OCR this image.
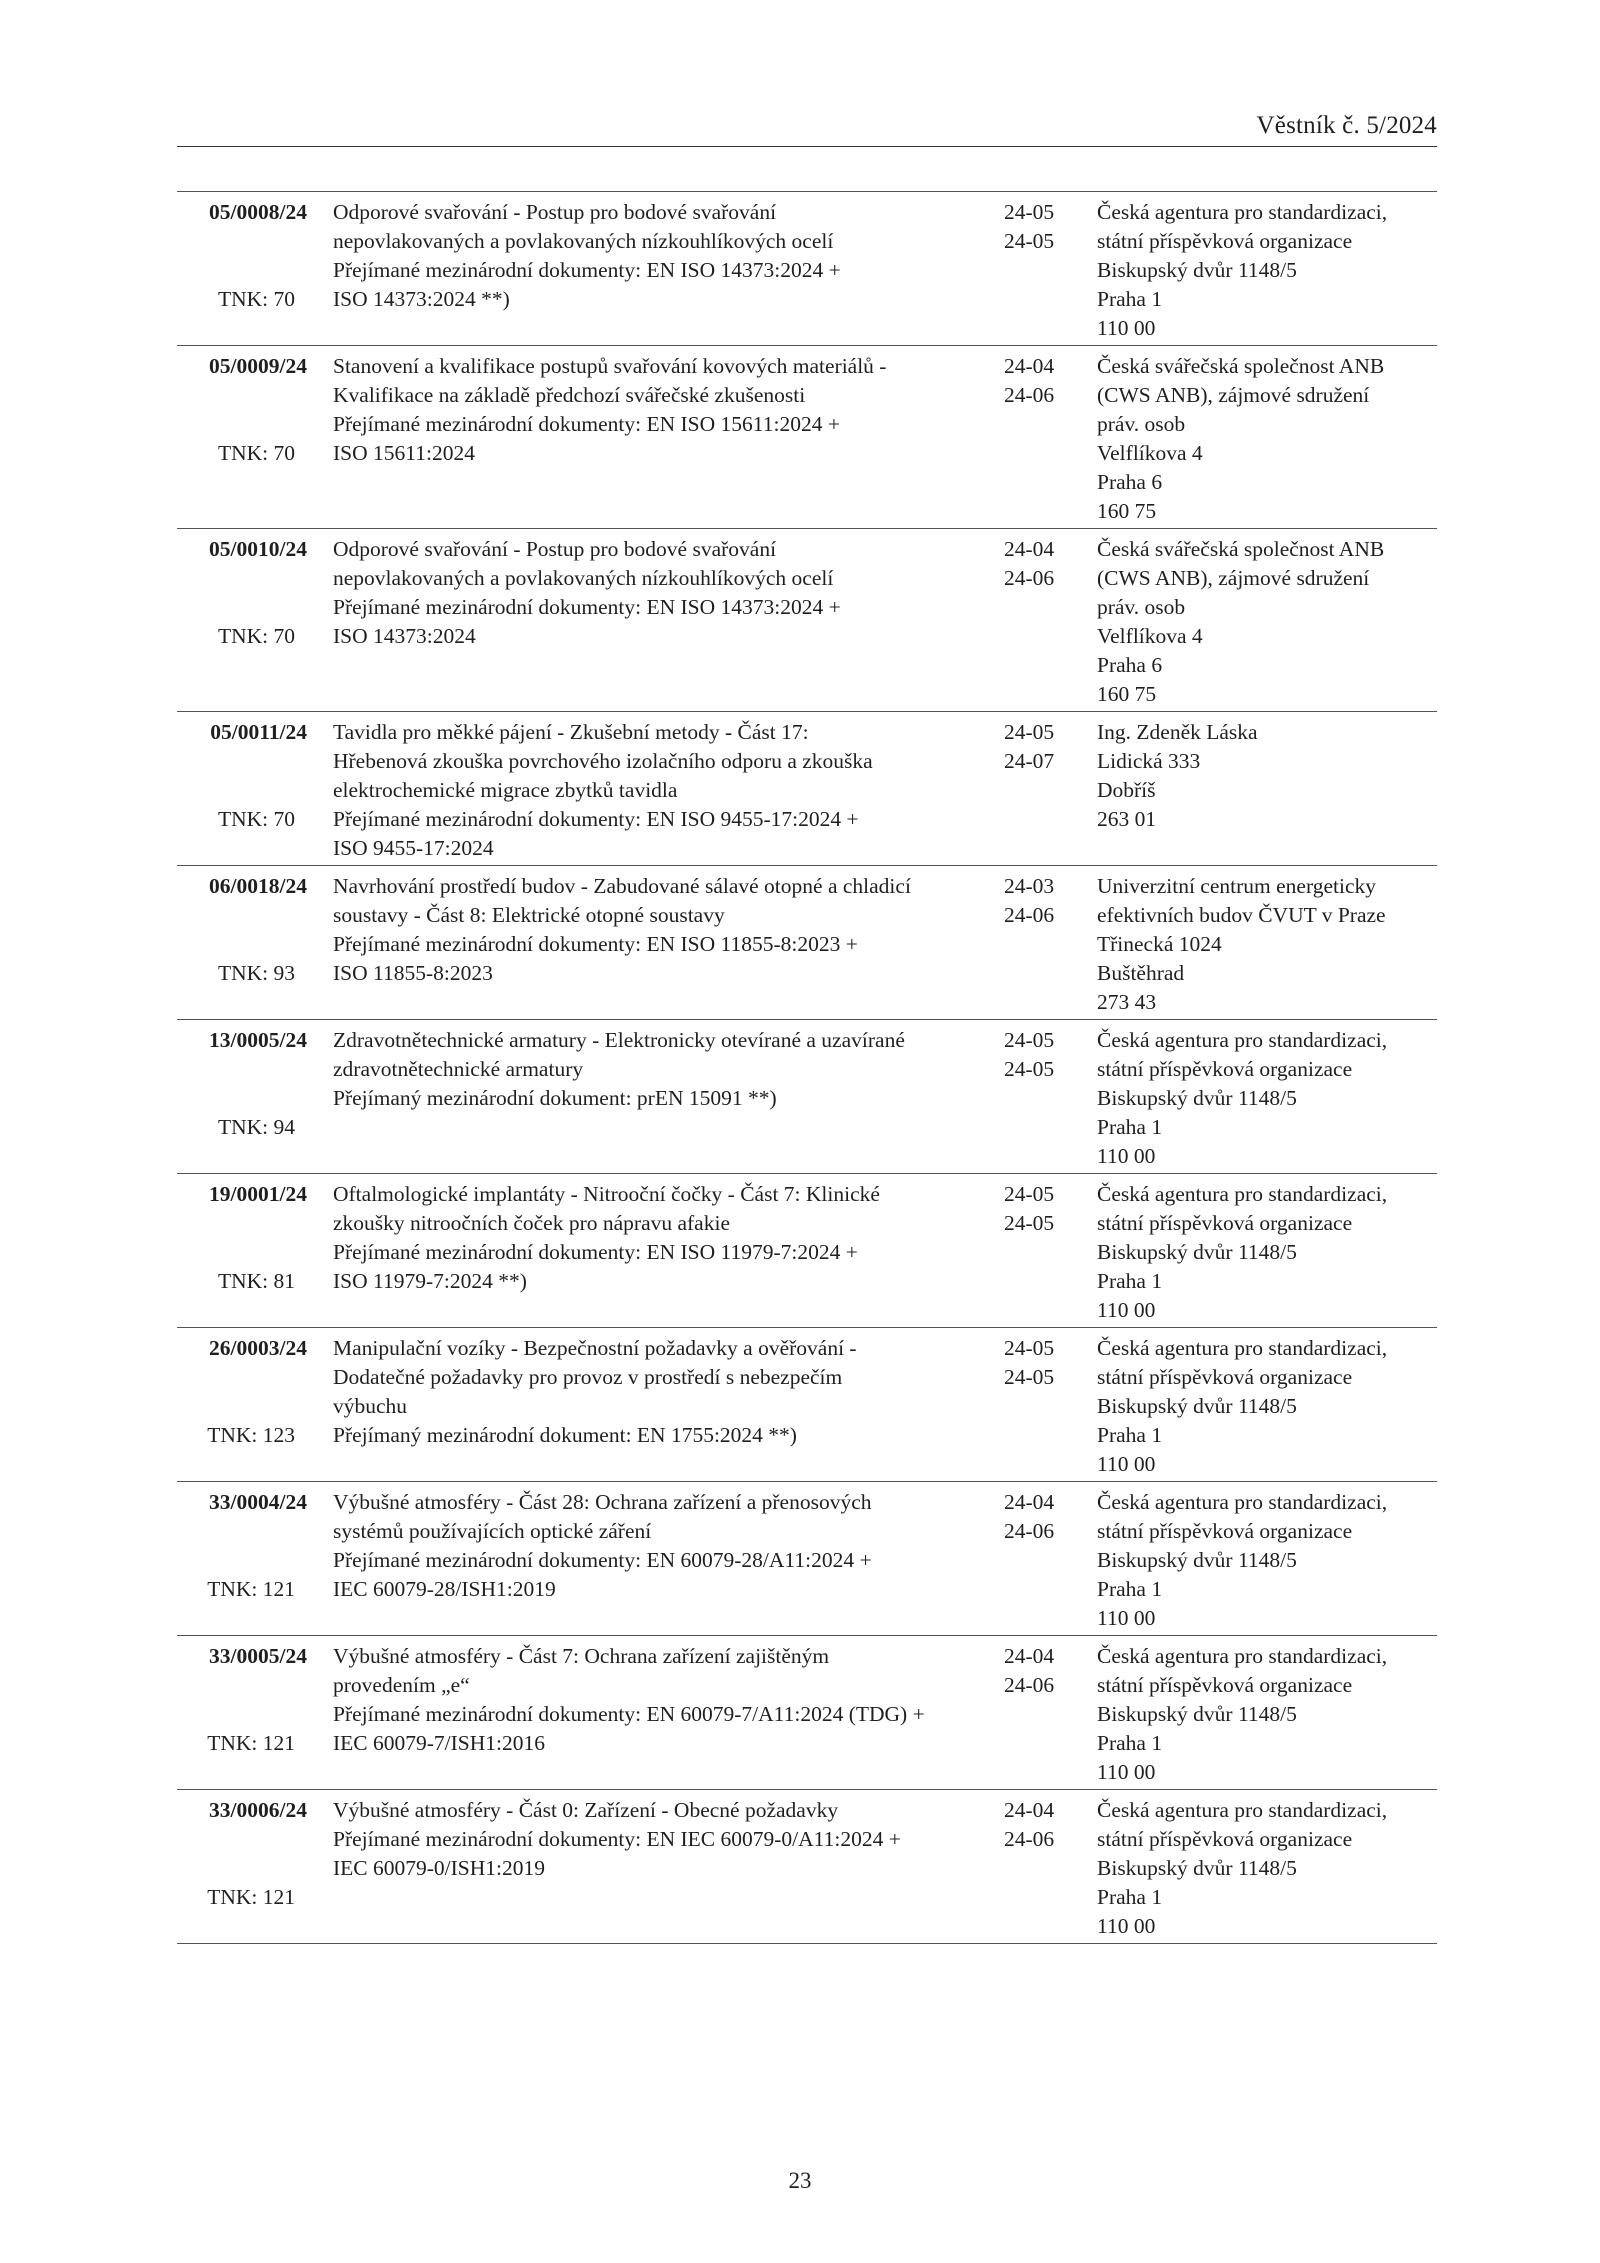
Věstník č. 5/2024
05/0008/24
TNK: 70
Odporové svařování - Postup pro bodové svařování
nepovlakovaných a povlakovaných nízkouhlíkových ocelí
Přejímané mezinárodní dokumenty: EN ISO 14373:2024 +
ISO 14373:2024 **)
24-05
24-05
Česká agentura pro standardizaci,
státní příspěvková organizace
Biskupský dvůr 1148/5
Praha 1
110 00
05/0009/24
TNK: 70
Stanovení a kvalifikace postupů svařování kovových materiálů -
Kvalifikace na základě předchozí svářečské zkušenosti
Přejímané mezinárodní dokumenty: EN ISO 15611:2024 +
ISO 15611:2024
24-04
24-06
Česká svářečská společnost ANB
(CWS ANB), zájmové sdružení
práv. osob
Velflíkova 4
Praha 6
160 75
05/0010/24
TNK: 70
Odporové svařování - Postup pro bodové svařování
nepovlakovaných a povlakovaných nízkouhlíkových ocelí
Přejímané mezinárodní dokumenty: EN ISO 14373:2024 +
ISO 14373:2024
24-04
24-06
Česká svářečská společnost ANB
(CWS ANB), zájmové sdružení
práv. osob
Velflíkova 4
Praha 6
160 75
05/0011/24
TNK: 70
Tavidla pro měkké pájení - Zkušební metody - Část 17:
Hřebenová zkouška povrchového izolačního odporu a zkouška
elektrochemické migrace zbytků tavidla
Přejímané mezinárodní dokumenty: EN ISO 9455-17:2024 +
ISO 9455-17:2024
24-05
24-07
Ing. Zdeněk Láska
Lidická 333
Dobříš
263 01
06/0018/24
TNK: 93
Navrhování prostředí budov - Zabudované sálavé otopné a chladicí
soustavy - Část 8: Elektrické otopné soustavy
Přejímané mezinárodní dokumenty: EN ISO 11855-8:2023 +
ISO 11855-8:2023
24-03
24-06
Univerzitní centrum energeticky
efektivních budov ČVUT v Praze
Třinecká 1024
Buštěhrad
273 43
13/0005/24
TNK: 94
Zdravotnětechnické armatury - Elektronicky otevírané a uzavírané
zdravotnětechnické armatury
Přejímaný mezinárodní dokument: prEN 15091 **)
24-05
24-05
Česká agentura pro standardizaci,
státní příspěvková organizace
Biskupský dvůr 1148/5
Praha 1
110 00
19/0001/24
TNK: 81
Oftalmologické implantáty - Nitrooční čočky - Část 7: Klinické
zkoušky nitroočních čoček pro nápravu afakie
Přejímané mezinárodní dokumenty: EN ISO 11979-7:2024 +
ISO 11979-7:2024 **)
24-05
24-05
Česká agentura pro standardizaci,
státní příspěvková organizace
Biskupský dvůr 1148/5
Praha 1
110 00
26/0003/24
TNK: 123
Manipulační vozíky - Bezpečnostní požadavky a ověřování -
Dodatečné požadavky pro provoz v prostředí s nebezpečím
výbuchu
Přejímaný mezinárodní dokument: EN 1755:2024 **)
24-05
24-05
Česká agentura pro standardizaci,
státní příspěvková organizace
Biskupský dvůr 1148/5
Praha 1
110 00
33/0004/24
TNK: 121
Výbušné atmosféry - Část 28: Ochrana zařízení a přenosových
systémů používajících optické záření
Přejímané mezinárodní dokumenty: EN 60079-28/A11:2024 +
IEC 60079-28/ISH1:2019
24-04
24-06
Česká agentura pro standardizaci,
státní příspěvková organizace
Biskupský dvůr 1148/5
Praha 1
110 00
33/0005/24
TNK: 121
Výbušné atmosféry - Část 7: Ochrana zařízení zajištěným
provedením „e“
Přejímané mezinárodní dokumenty: EN 60079-7/A11:2024 (TDG) +
IEC 60079-7/ISH1:2016
24-04
24-06
Česká agentura pro standardizaci,
státní příspěvková organizace
Biskupský dvůr 1148/5
Praha 1
110 00
33/0006/24
TNK: 121
Výbušné atmosféry - Část 0: Zařízení - Obecné požadavky
Přejímané mezinárodní dokumenty: EN IEC 60079-0/A11:2024 +
IEC 60079-0/ISH1:2019
24-04
24-06
Česká agentura pro standardizaci,
státní příspěvková organizace
Biskupský dvůr 1148/5
Praha 1
110 00
23
